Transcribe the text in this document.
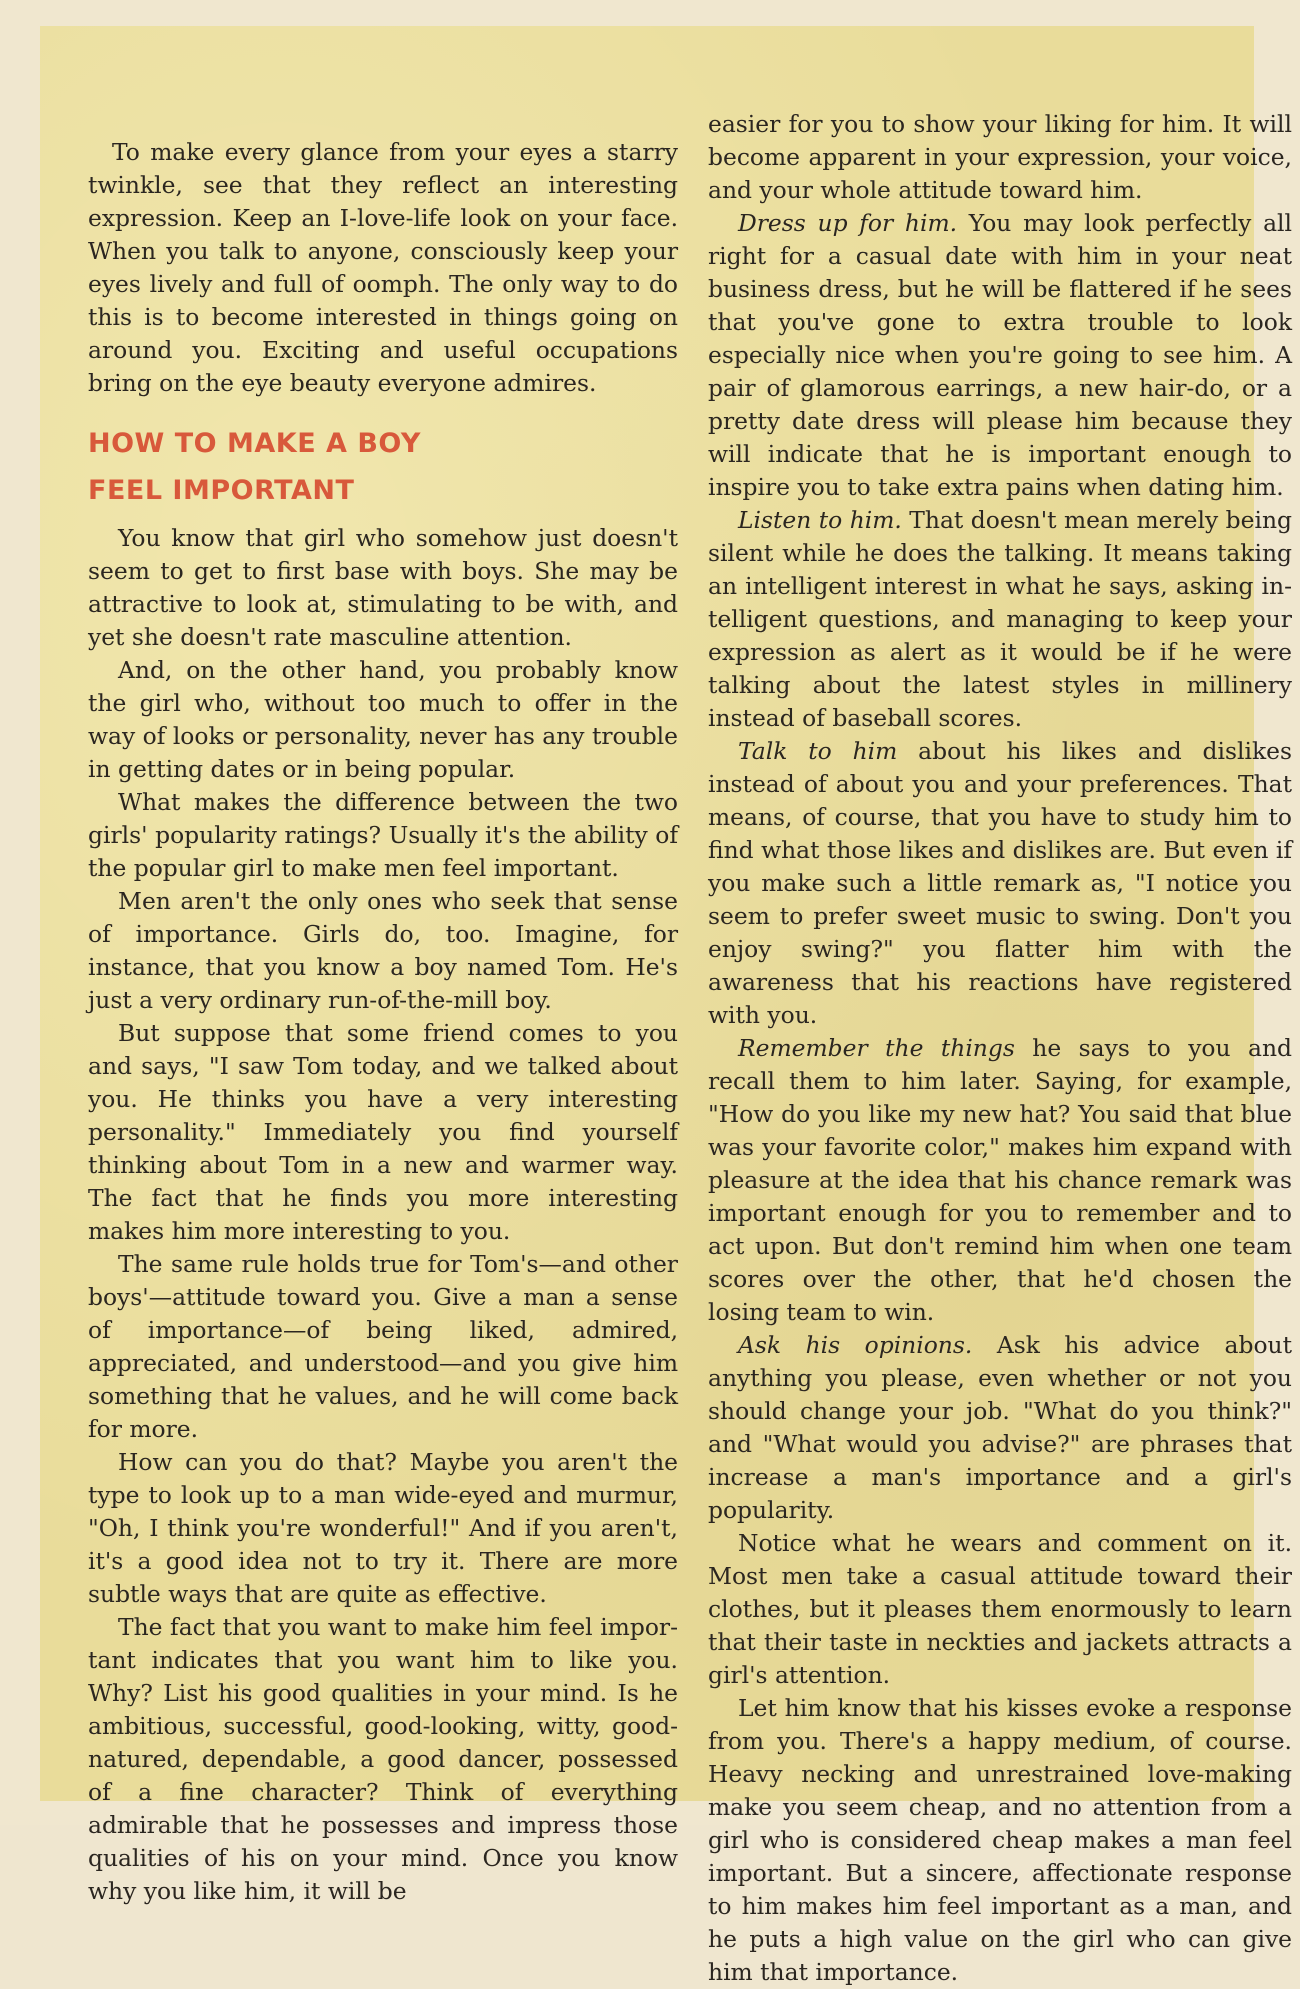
To make every glance from your eyes a starry twinkle, see that they reflect an interesting expression. Keep an I-love-life look on your face. When you talk to anyone, consciously keep your eyes lively and full of oomph. The only way to do this is to become interested in things going on around you. Exciting and useful occupations bring on the eye beauty everyone admires.

HOW TO MAKE A BOY
FEEL IMPORTANT

You know that girl who somehow just doesn't seem to get to first base with boys. She may be attractive to look at, stimulating to be with, and yet she doesn't rate masculine attention.

And, on the other hand, you probably know the girl who, without too much to offer in the way of looks or personality, never has any trouble in getting dates or in being popular.

What makes the difference between the two girls' popularity ratings? Usually it's the ability of the popular girl to make men feel important.

Men aren't the only ones who seek that sense of importance. Girls do, too. Imagine, for instance, that you know a boy named Tom. He's just a very ordinary run-of-the-mill boy.

But suppose that some friend comes to you and says, "I saw Tom today, and we talked about you. He thinks you have a very interesting personality." Immediately you find yourself thinking about Tom in a new and warmer way. The fact that he finds you more interesting makes him more interesting to you.

The same rule holds true for Tom's—and other boys'—attitude toward you. Give a man a sense of importance—of being liked, admired, appreciated, and understood—and you give him something that he values, and he will come back for more.

How can you do that? Maybe you aren't the type to look up to a man wide-eyed and murmur, "Oh, I think you're wonderful!" And if you aren't, it's a good idea not to try it. There are more subtle ways that are quite as effective.

The fact that you want to make him feel important indicates that you want him to like you. Why? List his good qualities in your mind. Is he ambitious, successful, good-looking, witty, good-natured, dependable, a good dancer, possessed of a fine character? Think of everything admirable that he possesses and impress those qualities of his on your mind. Once you know why you like him, it will be

easier for you to show your liking for him. It will become apparent in your expression, your voice, and your whole attitude toward him.

Dress up for him. You may look perfectly all right for a casual date with him in your neat business dress, but he will be flattered if he sees that you've gone to extra trouble to look especially nice when you're going to see him. A pair of glamorous earrings, a new hair-do, or a pretty date dress will please him because they will indicate that he is important enough to inspire you to take extra pains when dating him.

Listen to him. That doesn't mean merely being silent while he does the talking. It means taking an intelligent interest in what he says, asking intelligent questions, and managing to keep your expression as alert as it would be if he were talking about the latest styles in millinery instead of baseball scores.

Talk to him about his likes and dislikes instead of about you and your preferences. That means, of course, that you have to study him to find what those likes and dislikes are. But even if you make such a little remark as, "I notice you seem to prefer sweet music to swing. Don't you enjoy swing?" you flatter him with the awareness that his reactions have registered with you.

Remember the things he says to you and recall them to him later. Saying, for example, "How do you like my new hat? You said that blue was your favorite color," makes him expand with pleasure at the idea that his chance remark was important enough for you to remember and to act upon. But don't remind him when one team scores over the other, that he'd chosen the losing team to win.

Ask his opinions. Ask his advice about anything you please, even whether or not you should change your job. "What do you think?" and "What would you advise?" are phrases that increase a man's importance and a girl's popularity.

Notice what he wears and comment on it. Most men take a casual attitude toward their clothes, but it pleases them enormously to learn that their taste in neckties and jackets attracts a girl's attention.

Let him know that his kisses evoke a response from you. There's a happy medium, of course. Heavy necking and unrestrained love-making make you seem cheap, and no attention from a girl who is considered cheap makes a man feel important. But a sincere, affectionate response to him makes him feel important as a man, and he puts a high value on the girl who can give him that importance.
